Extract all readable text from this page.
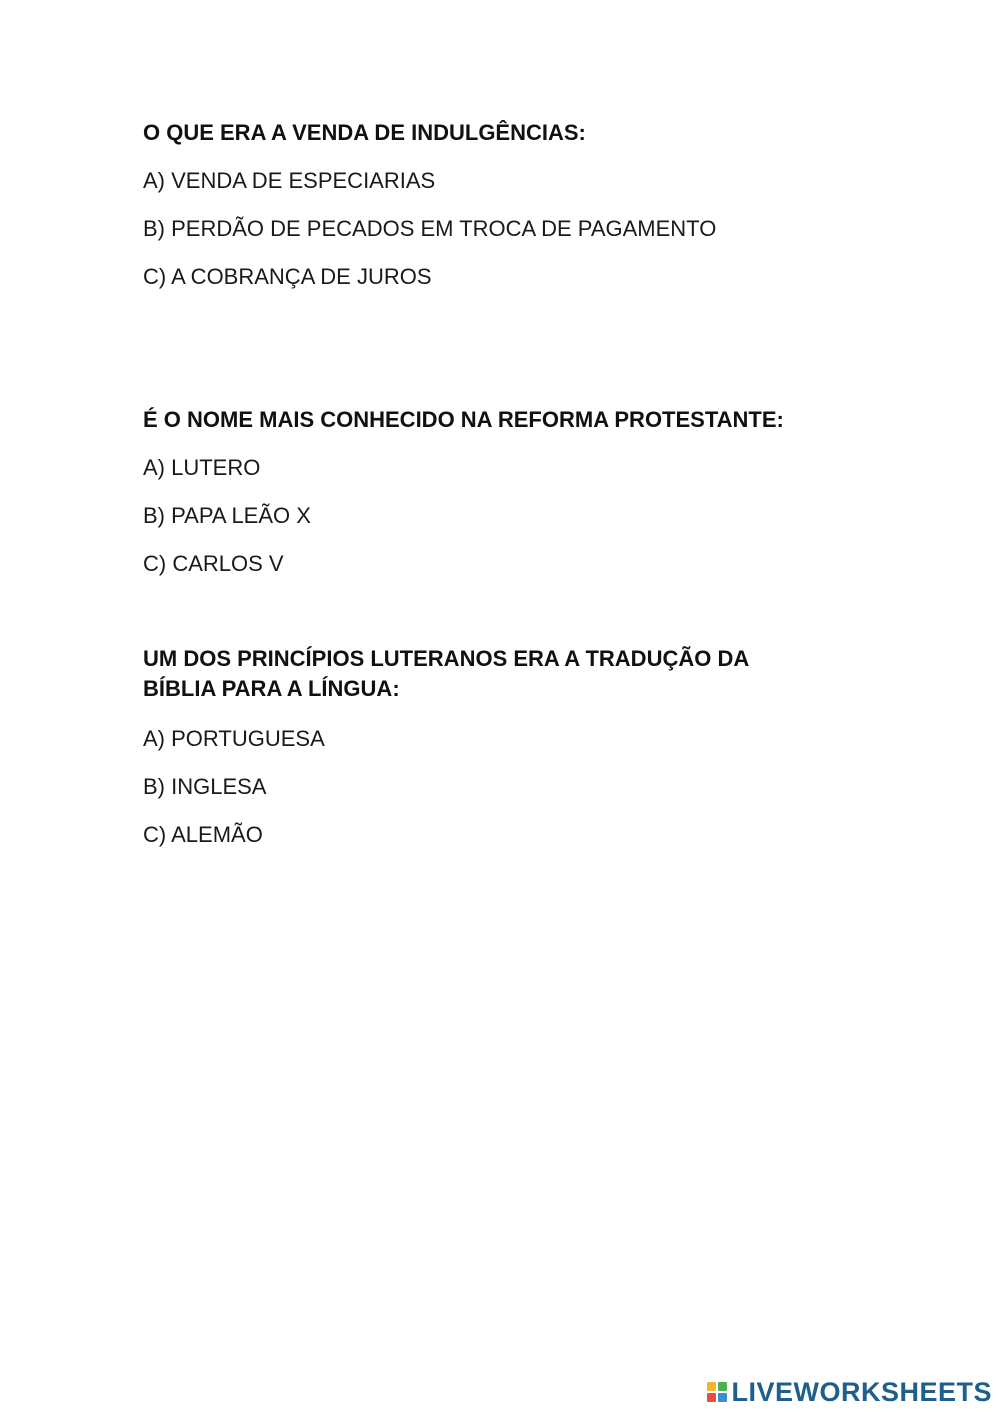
O QUE ERA A VENDA DE INDULGÊNCIAS:

A) VENDA DE ESPECIARIAS

B) PERDÃO DE PECADOS EM TROCA DE PAGAMENTO

C) A COBRANÇA DE JUROS

É O NOME MAIS CONHECIDO NA REFORMA PROTESTANTE:

A) LUTERO

B) PAPA LEÃO X

C) CARLOS V

UM DOS PRINCÍPIOS LUTERANOS ERA A TRADUÇÃO DA
BÍBLIA PARA A LÍNGUA:

A) PORTUGUESA

B) INGLESA

C) ALEMÃO

LIVEWORKSHEETS
